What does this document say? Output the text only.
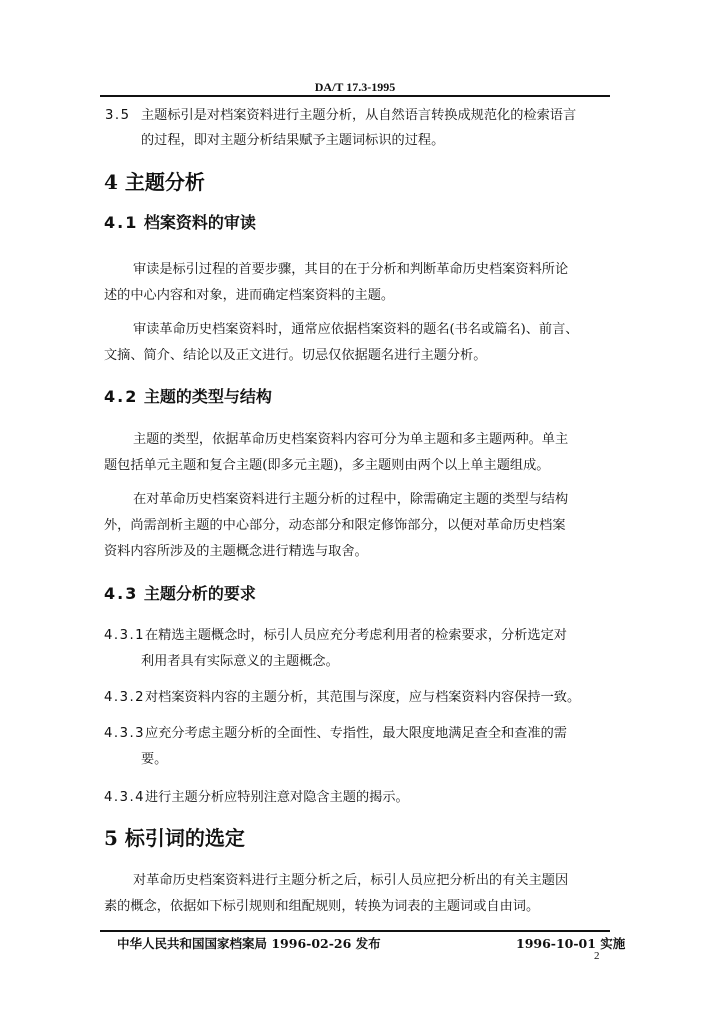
DA/T 17.3-1995
3.5 主题标引是对档案资料进行主题分析，从自然语言转换成规范化的检索语言
的过程，即对主题分析结果赋予主题词标识的过程。
4 主题分析
4.1 档案资料的审读
审读是标引过程的首要步骤，其目的在于分析和判断革命历史档案资料所论
述的中心内容和对象，进而确定档案资料的主题。
审读革命历史档案资料时，通常应依据档案资料的题名(书名或篇名)、前言、
文摘、简介、结论以及正文进行。切忌仅依据题名进行主题分析。
4.2 主题的类型与结构
主题的类型，依据革命历史档案资料内容可分为单主题和多主题两种。单主
题包括单元主题和复合主题(即多元主题)，多主题则由两个以上单主题组成。
在对革命历史档案资料进行主题分析的过程中，除需确定主题的类型与结构
外，尚需剖析主题的中心部分，动态部分和限定修饰部分，以便对革命历史档案
资料内容所涉及的主题概念进行精选与取舍。
4.3 主题分析的要求
4.3.1 在精选主题概念时，标引人员应充分考虑利用者的检索要求，分析选定对
利用者具有实际意义的主题概念。
4.3.2 对档案资料内容的主题分析，其范围与深度，应与档案资料内容保持一致。
4.3.3 应充分考虑主题分析的全面性、专指性，最大限度地满足查全和查准的需
要。
4.3.4 进行主题分析应特别注意对隐含主题的揭示。
5 标引词的选定
对革命历史档案资料进行主题分析之后，标引人员应把分析出的有关主题因
素的概念，依据如下标引规则和组配规则，转换为词表的主题词或自由词。
中华人民共和国国家档案局 1996-02-26 发布	1996-10-01 实施
2
